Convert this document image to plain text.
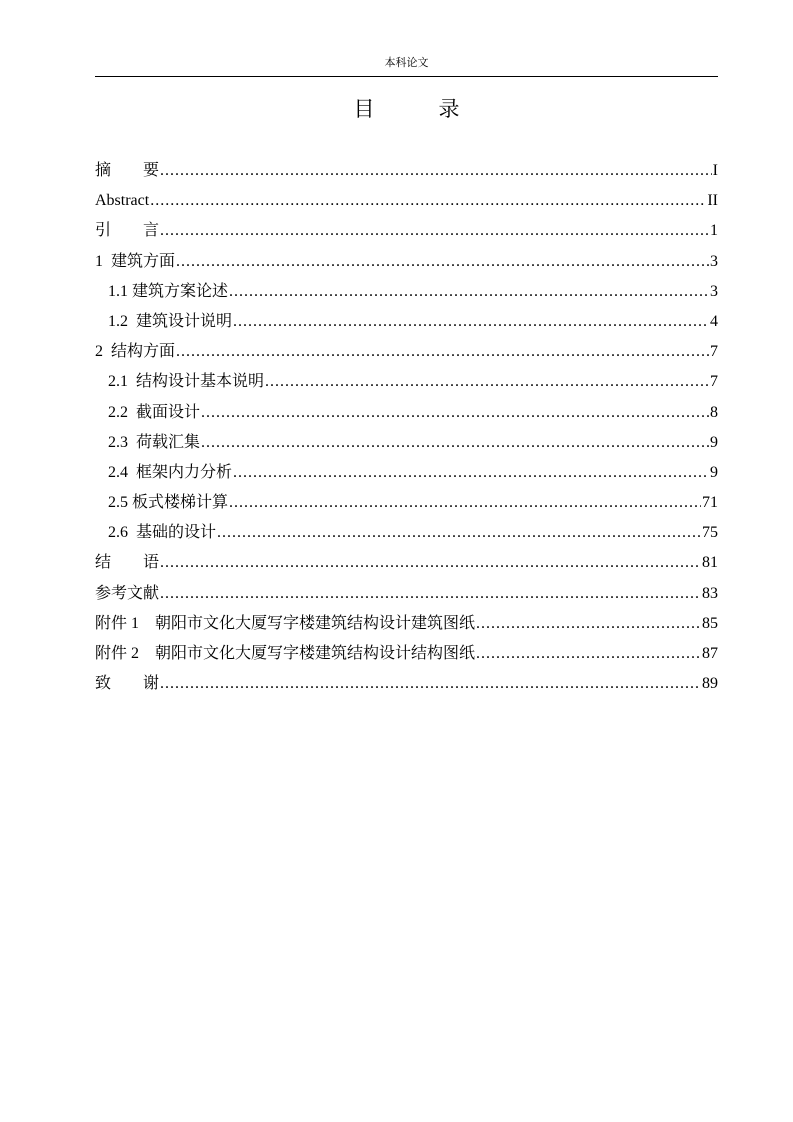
本科论文
目录
摘　　要 .....	I
Abstract .....	II
引　　言 .....	1
1  建筑方面 .....	3
1.1 建筑方案论述 .....	3
1.2  建筑设计说明 .....	4
2  结构方面 .....	7
2.1  结构设计基本说明 .....	7
2.2  截面设计 .....	8
2.3  荷载汇集 .....	9
2.4  框架内力分析 .....	9
2.5 板式楼梯计算 .....	71
2.6  基础的设计 .....	75
结　　语 .....	81
参考文献 .....	83
附件 1　朝阳市文化大厦写字楼建筑结构设计建筑图纸 .....	85
附件 2　朝阳市文化大厦写字楼建筑结构设计结构图纸 .....	87
致　　谢 .....	89
